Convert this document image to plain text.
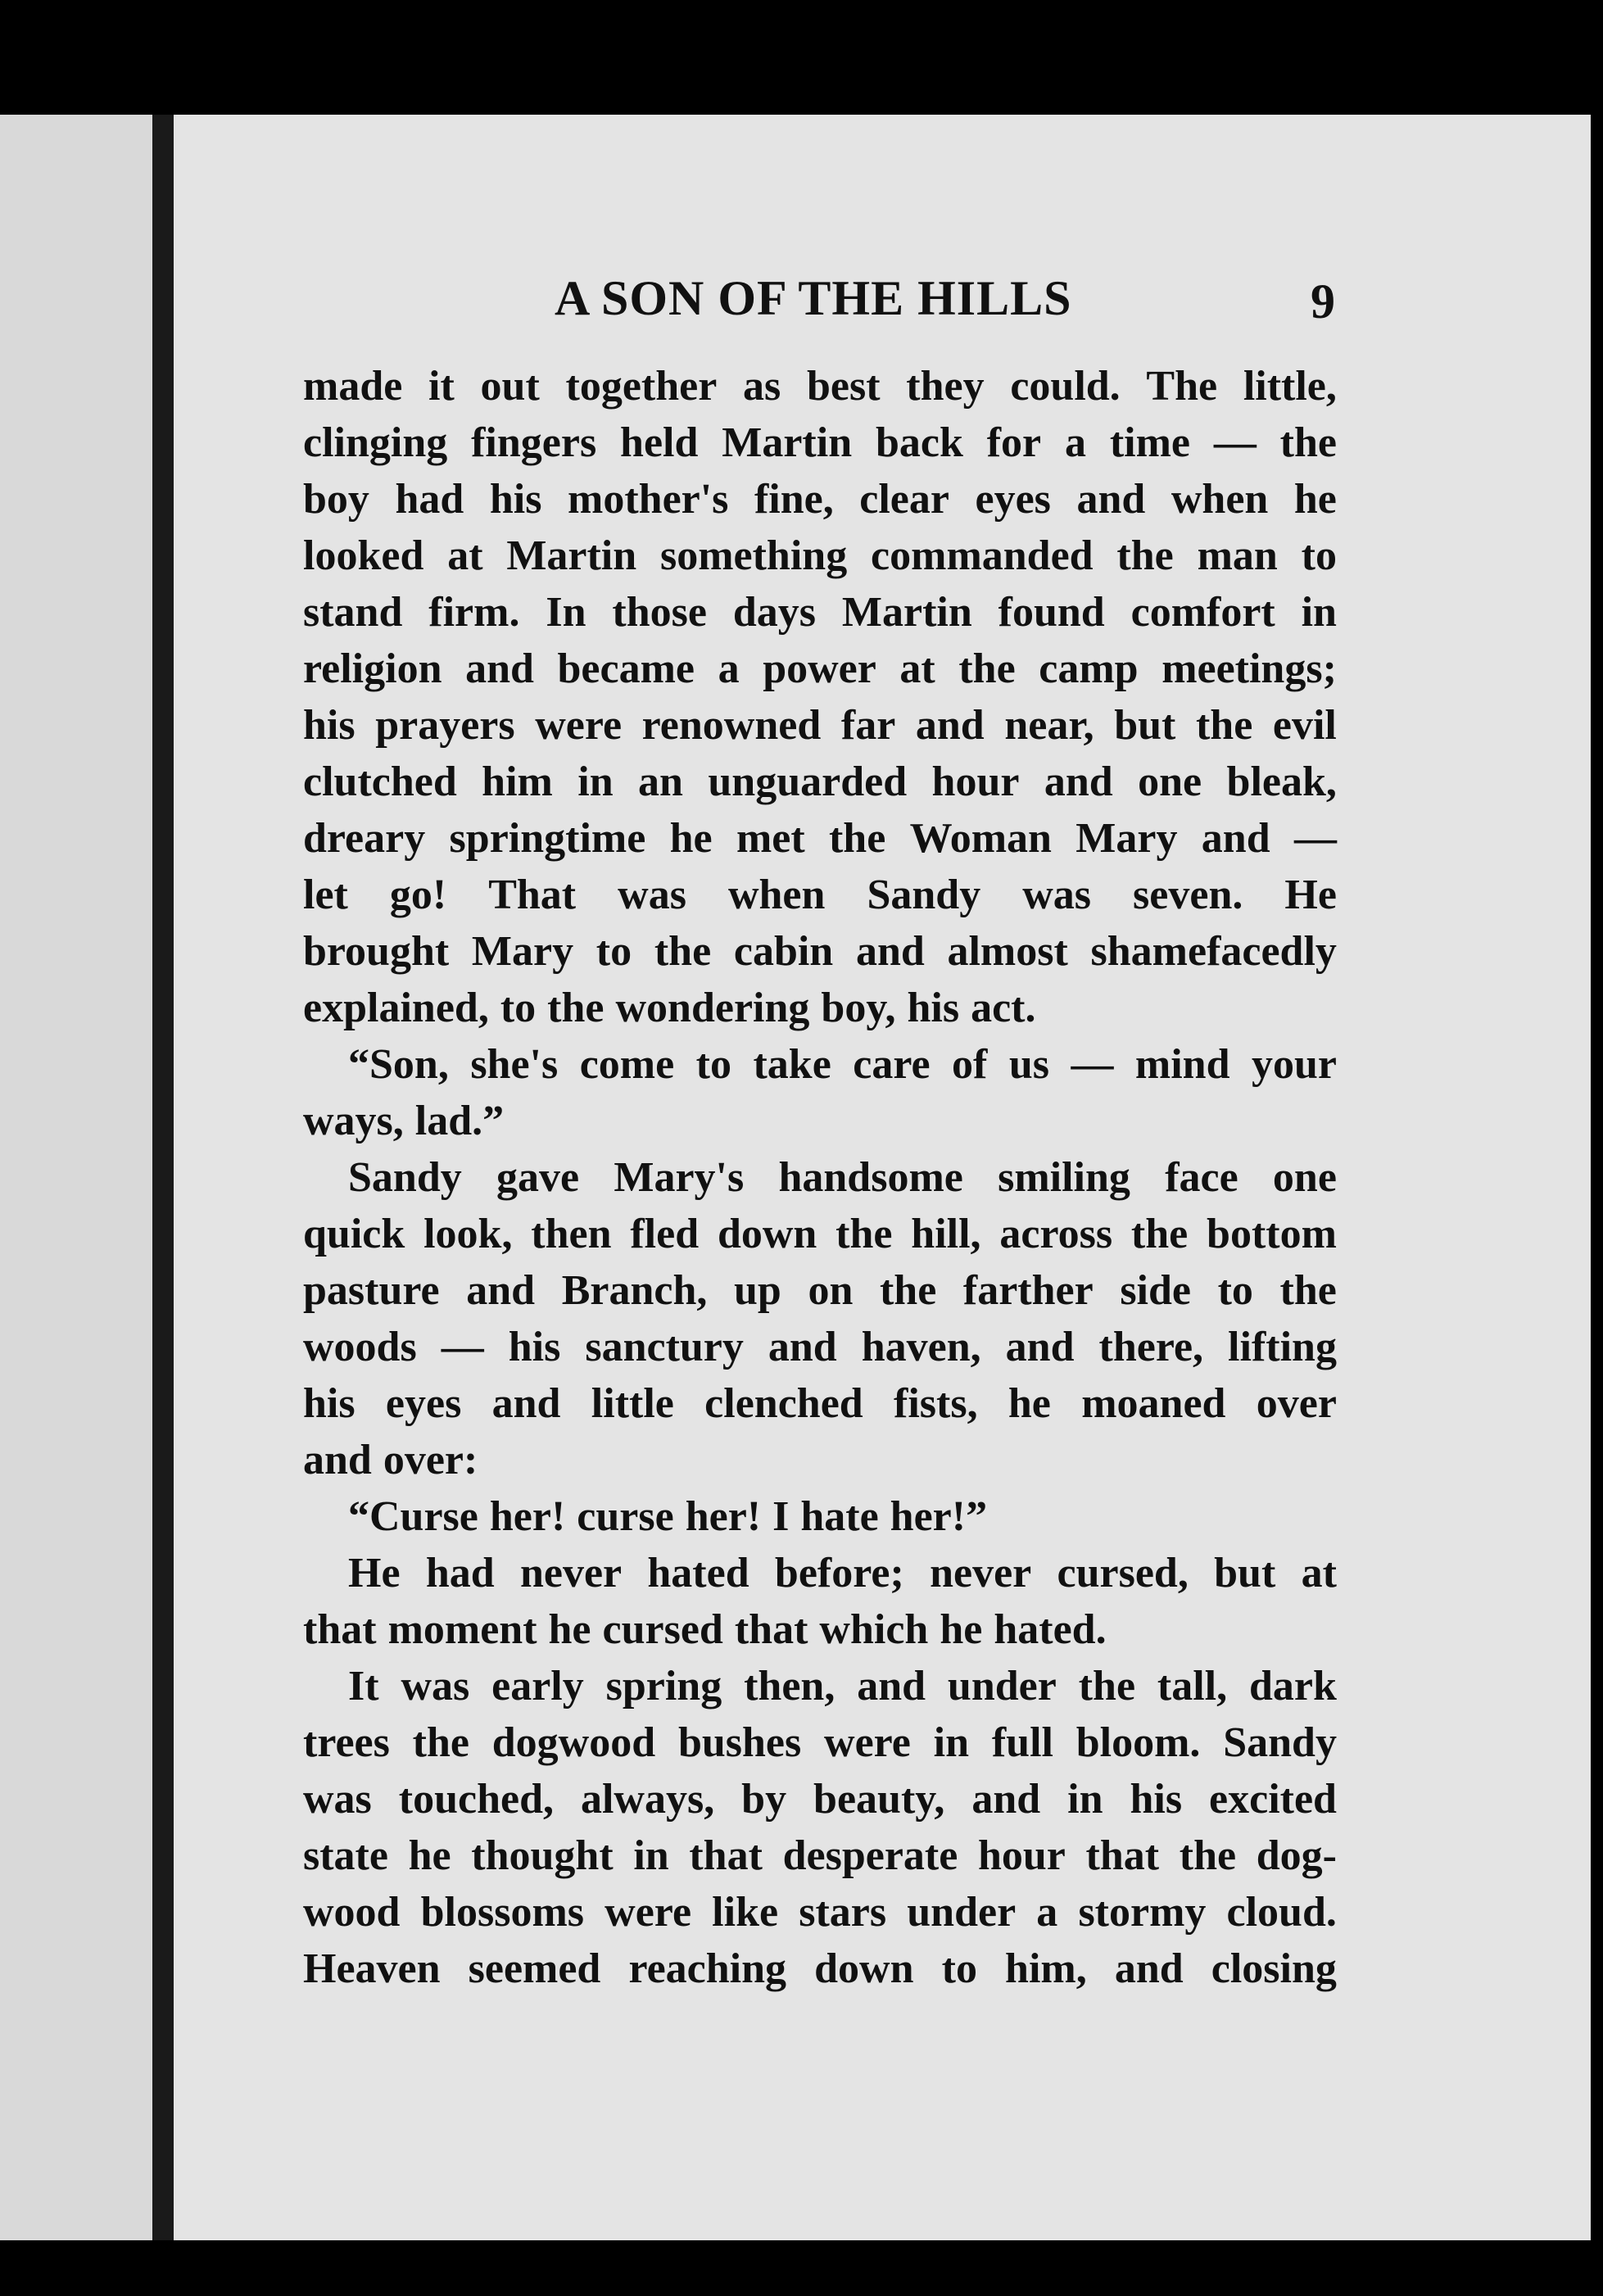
A SON OF THE HILLS	9
made it out together as best they could. The little,
clinging fingers held Martin back for a time — the
boy had his mother's fine, clear eyes and when he
looked at Martin something commanded the man to
stand firm. In those days Martin found comfort in
religion and became a power at the camp meetings;
his prayers were renowned far and near, but the evil
clutched him in an unguarded hour and one bleak,
dreary springtime he met the Woman Mary and —
let go! That was when Sandy was seven. He
brought Mary to the cabin and almost shamefacedly
explained, to the wondering boy, his act.
“Son, she's come to take care of us — mind your
ways, lad.”
Sandy gave Mary's handsome smiling face one
quick look, then fled down the hill, across the bottom
pasture and Branch, up on the farther side to the
woods — his sanctury and haven, and there, lifting
his eyes and little clenched fists, he moaned over
and over:
“Curse her! curse her! I hate her!”
He had never hated before; never cursed, but at
that moment he cursed that which he hated.
It was early spring then, and under the tall, dark
trees the dogwood bushes were in full bloom. Sandy
was touched, always, by beauty, and in his excited
state he thought in that desperate hour that the dog-
wood blossoms were like stars under a stormy cloud.
Heaven seemed reaching down to him, and closing
